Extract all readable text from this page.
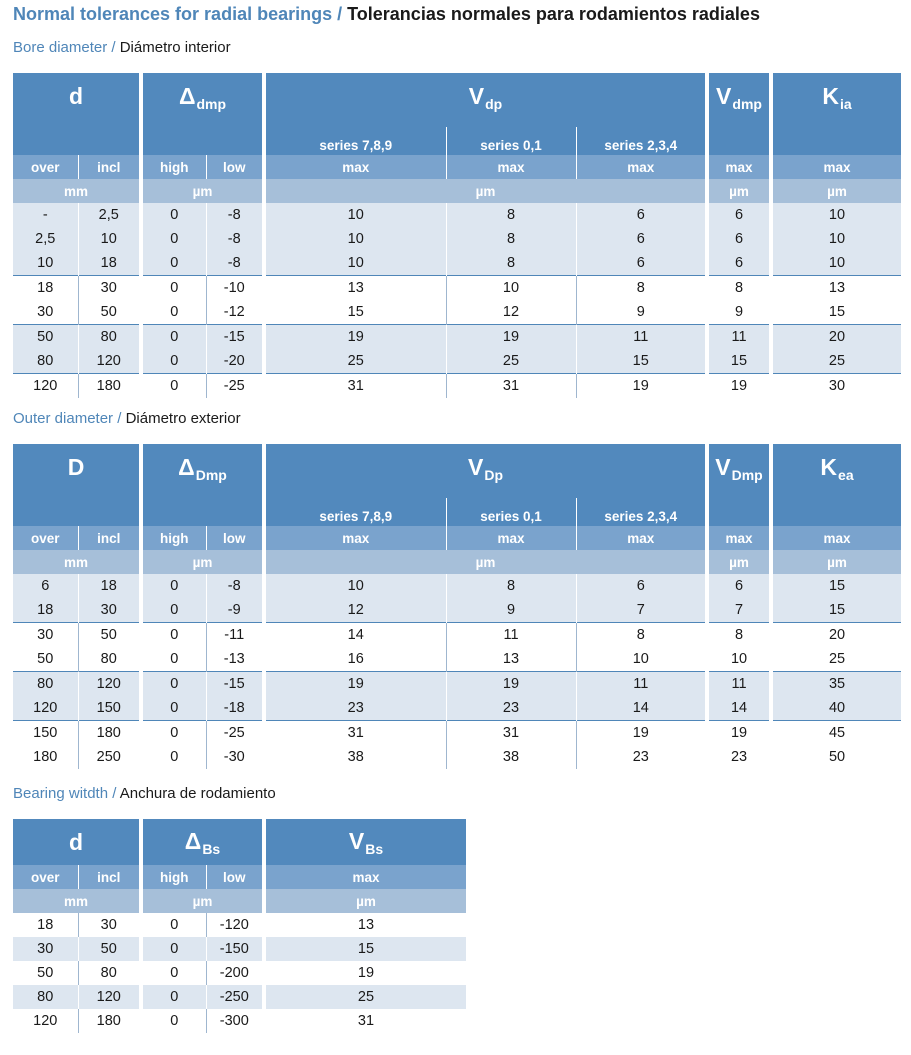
Normal tolerances for radial bearings / Tolerancias normales para rodamientos radiales
Bore diameter / Diámetro interior
d		$\Delta_{dmp}$		$V_{dp}$			$V_{dmp}$	$K_{ia}$
				series 7,8,9	series 0,1	series 2,3,4		
over	incl	high	low	max	max	max	max	max
mm		µm		µm			µm	µm
-	2,5	0	-8	10	8	6	6	10
2,5	10	0	-8	10	8	6	6	10
10	18	0	-8	10	8	6	6	10
18	30	0	-10	13	10	8	8	13
30	50	0	-12	15	12	9	9	15
50	80	0	-15	19	19	11	11	20
80	120	0	-20	25	25	15	15	25
120	180	0	-25	31	31	19	19	30
Outer diameter / Diámetro exterior
D		$\Delta_{Dmp}$		$V_{Dp}$			$V_{Dmp}$	$K_{ea}$
				series 7,8,9	series 0,1	series 2,3,4		
over	incl	high	low	max	max	max	max	max
mm		µm		µm			µm	µm
6	18	0	-8	10	8	6	6	15
18	30	0	-9	12	9	7	7	15
30	50	0	-11	14	11	8	8	20
50	80	0	-13	16	13	10	10	25
80	120	0	-15	19	19	11	11	35
120	150	0	-18	23	23	14	14	40
150	180	0	-25	31	31	19	19	45
180	250	0	-30	38	38	23	23	50
Bearing witdth / Anchura de rodamiento
d		$\Delta_{Bs}$		$V_{Bs}$
over	incl	high	low	max
mm		µm		µm
18	30	0	-120	13
30	50	0	-150	15
50	80	0	-200	19
80	120	0	-250	25
120	180	0	-300	31
